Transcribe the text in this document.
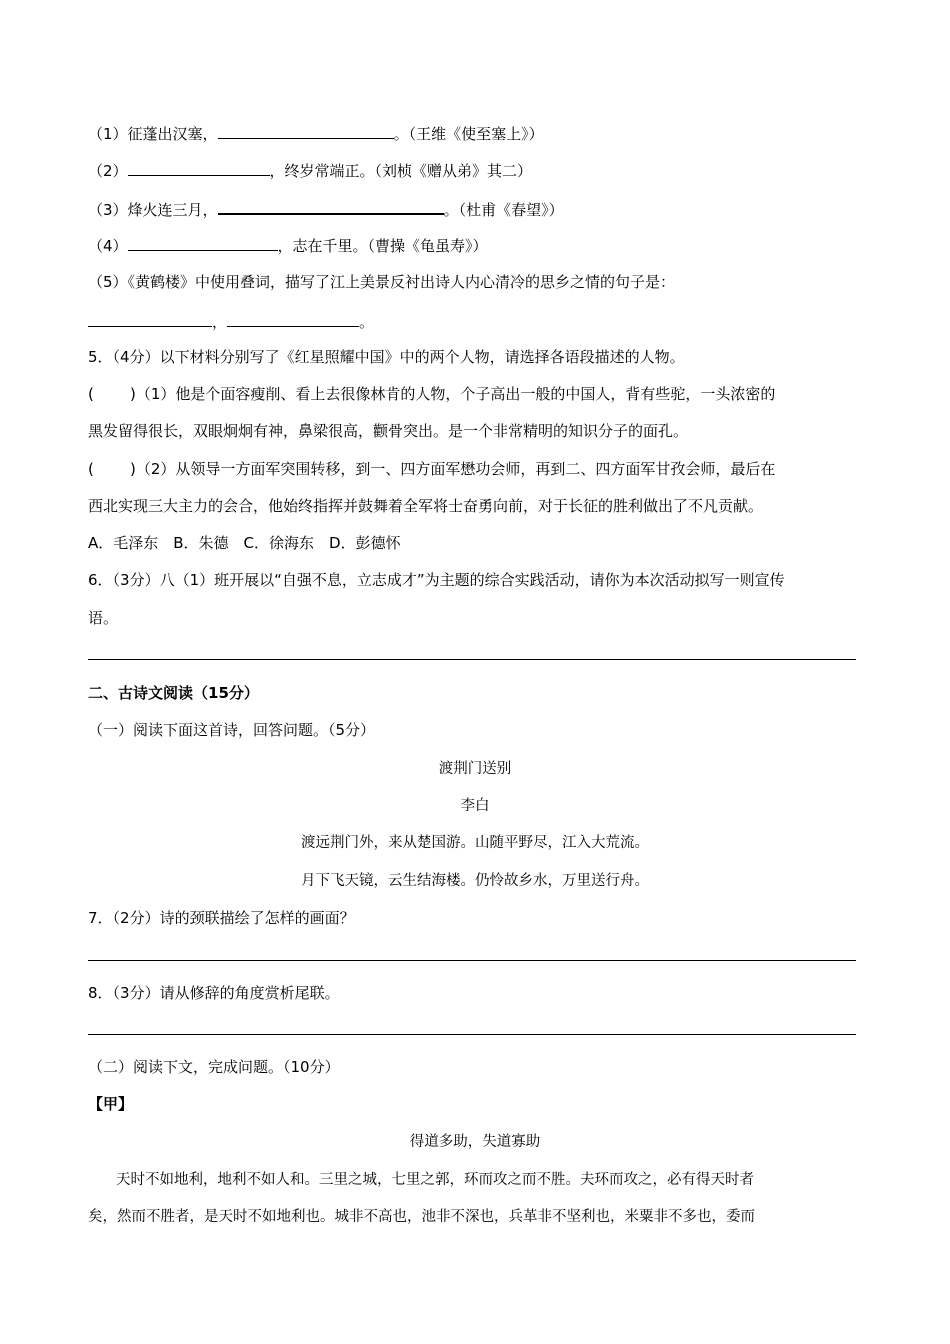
（1）征蓬出汉塞，	。（王维《使至塞上》）
（2）	，终岁常端正。（刘桢《赠从弟》其二）
（3）烽火连三月，	。（杜甫《春望》）
（4）	，志在千里。（曹操《龟虽寿》）
（5）《黄鹤楼》中使用叠词，描写了江上美景反衬出诗人内心清冷的思乡之情的句子是：
，	。
5．（4分）以下材料分别写了《红星照耀中国》中的两个人物，请选择各语段描述的人物。
( )（1）他是个面容瘦削、看上去很像林肯的人物，个子高出一般的中国人，背有些驼，一头浓密的
黑发留得很长，双眼炯炯有神，鼻梁很高，颧骨突出。是一个非常精明的知识分子的面孔。
( )（2）从领导一方面军突围转移，到一、四方面军懋功会师，再到二、四方面军甘孜会师，最后在
西北实现三大主力的会合，他始终指挥并鼓舞着全军将士奋勇向前，对于长征的胜利做出了不凡贡献。
A．毛泽东　B．朱德　C．徐海东　D．彭德怀
6．（3分）八（1）班开展以“自强不息，立志成才”为主题的综合实践活动，请你为本次活动拟写一则宣传
语。
二、古诗文阅读（15分）
（一）阅读下面这首诗，回答问题。（5分）
渡荆门送别
李白
渡远荆门外，来从楚国游。山随平野尽，江入大荒流。
月下飞天镜，云生结海楼。仍怜故乡水，万里送行舟。
7．（2分）诗的颈联描绘了怎样的画面？
8．（3分）请从修辞的角度赏析尾联。
（二）阅读下文，完成问题。（10分）
【甲】
得道多助，失道寡助
天时不如地利，地利不如人和。三里之城，七里之郭，环而攻之而不胜。夫环而攻之，必有得天时者
矣，然而不胜者，是天时不如地利也。城非不高也，池非不深也，兵革非不坚利也，米粟非不多也，委而
